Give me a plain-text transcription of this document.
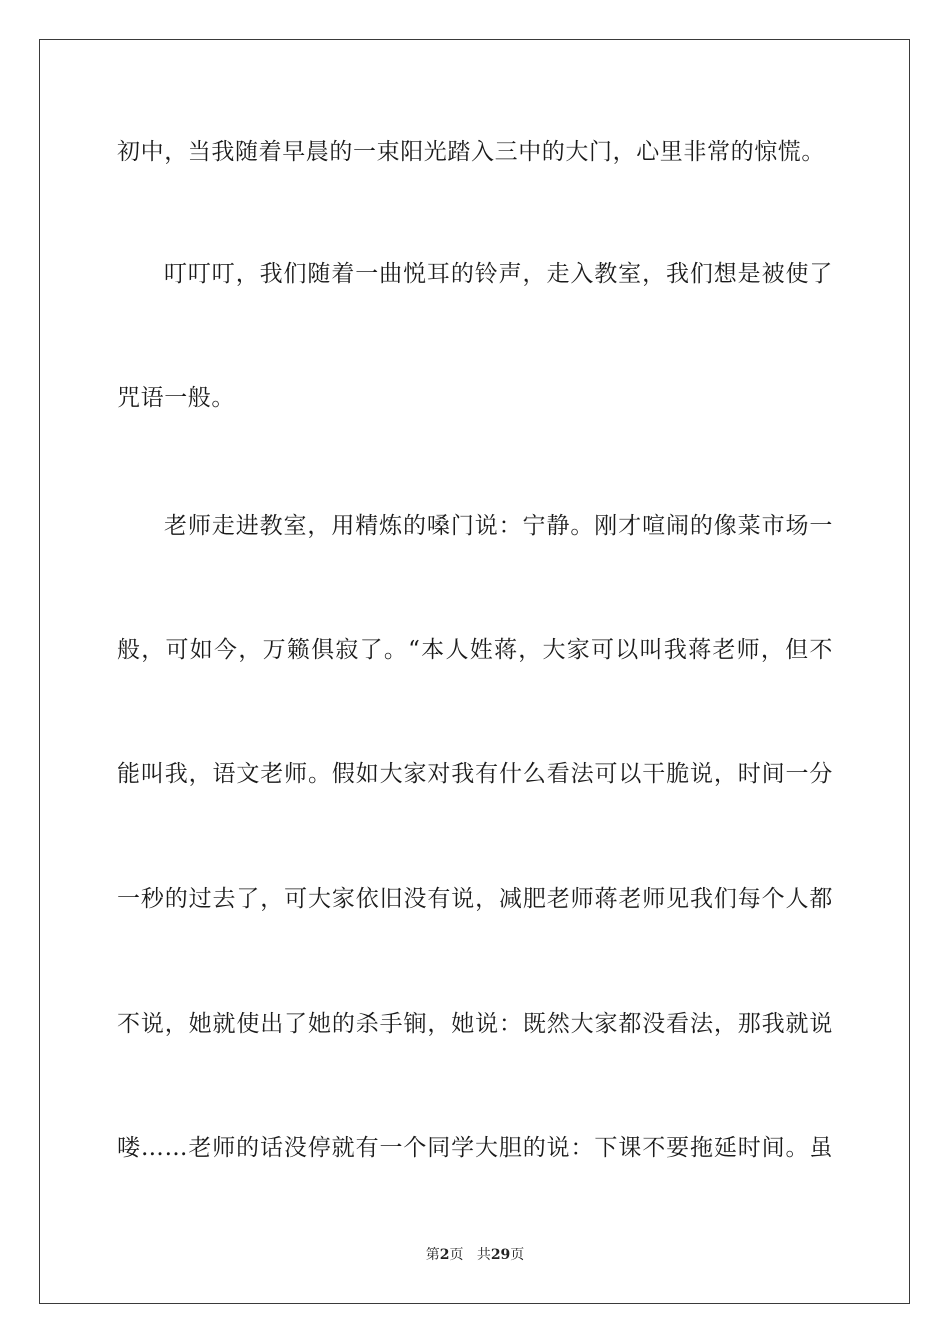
初中，当我随着早晨的一束阳光踏入三中的大门，心里非常的惊慌。
叮叮叮，我们随着一曲悦耳的铃声，走入教室，我们想是被使了
咒语一般。
老师走进教室，用精炼的嗓门说：宁静。刚才喧闹的像菜市场一
般，可如今，万籁俱寂了。“本人姓蒋，大家可以叫我蒋老师，但不
能叫我，语文老师。假如大家对我有什么看法可以干脆说，时间一分
一秒的过去了，可大家依旧没有说，减肥老师蒋老师见我们每个人都
不说，她就使出了她的杀手锏，她说：既然大家都没看法，那我就说
喽……老师的话没停就有一个同学大胆的说：下课不要拖延时间。虽
第2页 共29页
